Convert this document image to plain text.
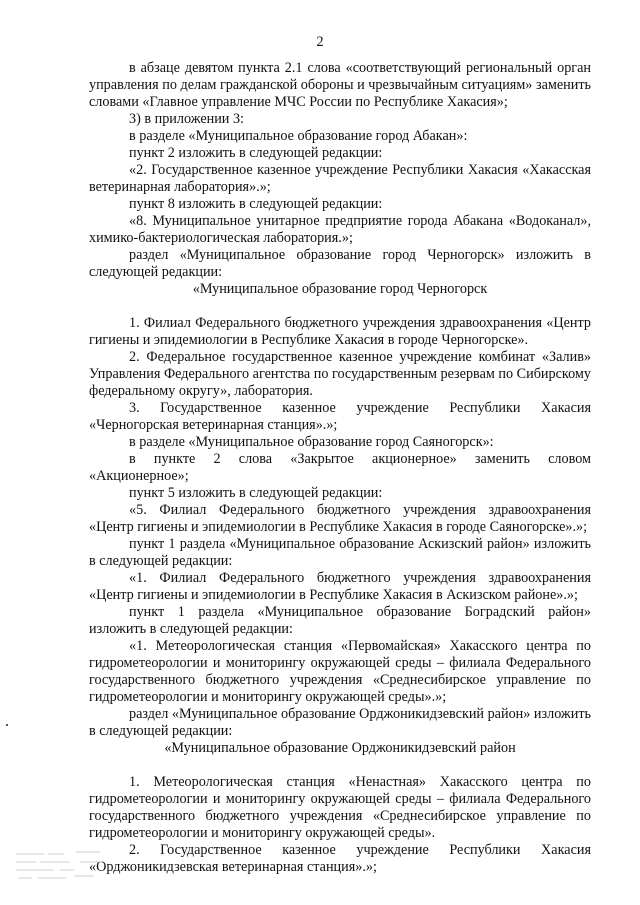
2

в абзаце девятом пункта 2.1 слова «соответствующий региональный орган управления по делам гражданской обороны и чрезвычайным ситуациям» заменить словами «Главное управление МЧС России по Республике Хакасия»;

3) в приложении 3:

в разделе «Муниципальное образование город Абакан»:

пункт 2 изложить в следующей редакции:

«2. Государственное казенное учреждение Республики Хакасия «Хакасская ветеринарная лаборатория».»;

пункт 8 изложить в следующей редакции:

«8. Муниципальное унитарное предприятие города Абакана «Водоканал», химико-бактериологическая лаборатория.»;

раздел «Муниципальное образование город Черногорск» изложить в следующей редакции:

«Муниципальное образование город Черногорск

1. Филиал Федерального бюджетного учреждения здравоохранения «Центр гигиены и эпидемиологии в Республике Хакасия в городе Черногорске».

2. Федеральное государственное казенное учреждение комбинат «Залив» Управления Федерального агентства по государственным резервам по Сибирскому федеральному округу», лаборатория.

3. Государственное казенное учреждение Республики Хакасия «Черногорская ветеринарная станция».»;

в разделе «Муниципальное образование город Саяногорск»:

в пункте 2 слова «Закрытое акционерное» заменить словом «Акционерное»;

пункт 5 изложить в следующей редакции:

«5. Филиал Федерального бюджетного учреждения здравоохранения «Центр гигиены и эпидемиологии в Республике Хакасия в городе Саяногорске».»;

пункт 1 раздела «Муниципальное образование Аскизский район» изложить в следующей редакции:

«1. Филиал Федерального бюджетного учреждения здравоохранения «Центр гигиены и эпидемиологии в Республике Хакасия в Аскизском районе».»;

пункт 1 раздела «Муниципальное образование Боградский район» изложить в следующей редакции:

«1. Метеорологическая станция «Первомайская» Хакасского центра по гидрометеорологии и мониторингу окружающей среды – филиала Федерального государственного бюджетного учреждения «Среднесибирское управление по гидрометеорологии и мониторингу окружающей среды».»;

раздел «Муниципальное образование Орджоникидзевский район» изложить в следующей редакции:

«Муниципальное образование Орджоникидзевский район

1. Метеорологическая станция «Ненастная» Хакасского центра по гидрометеорологии и мониторингу окружающей среды – филиала Федерального государственного бюджетного учреждения «Среднесибирское управление по гидрометеорологии и мониторингу окружающей среды».

2. Государственное казенное учреждение Республики Хакасия «Орджоникидзевская ветеринарная станция».»;
